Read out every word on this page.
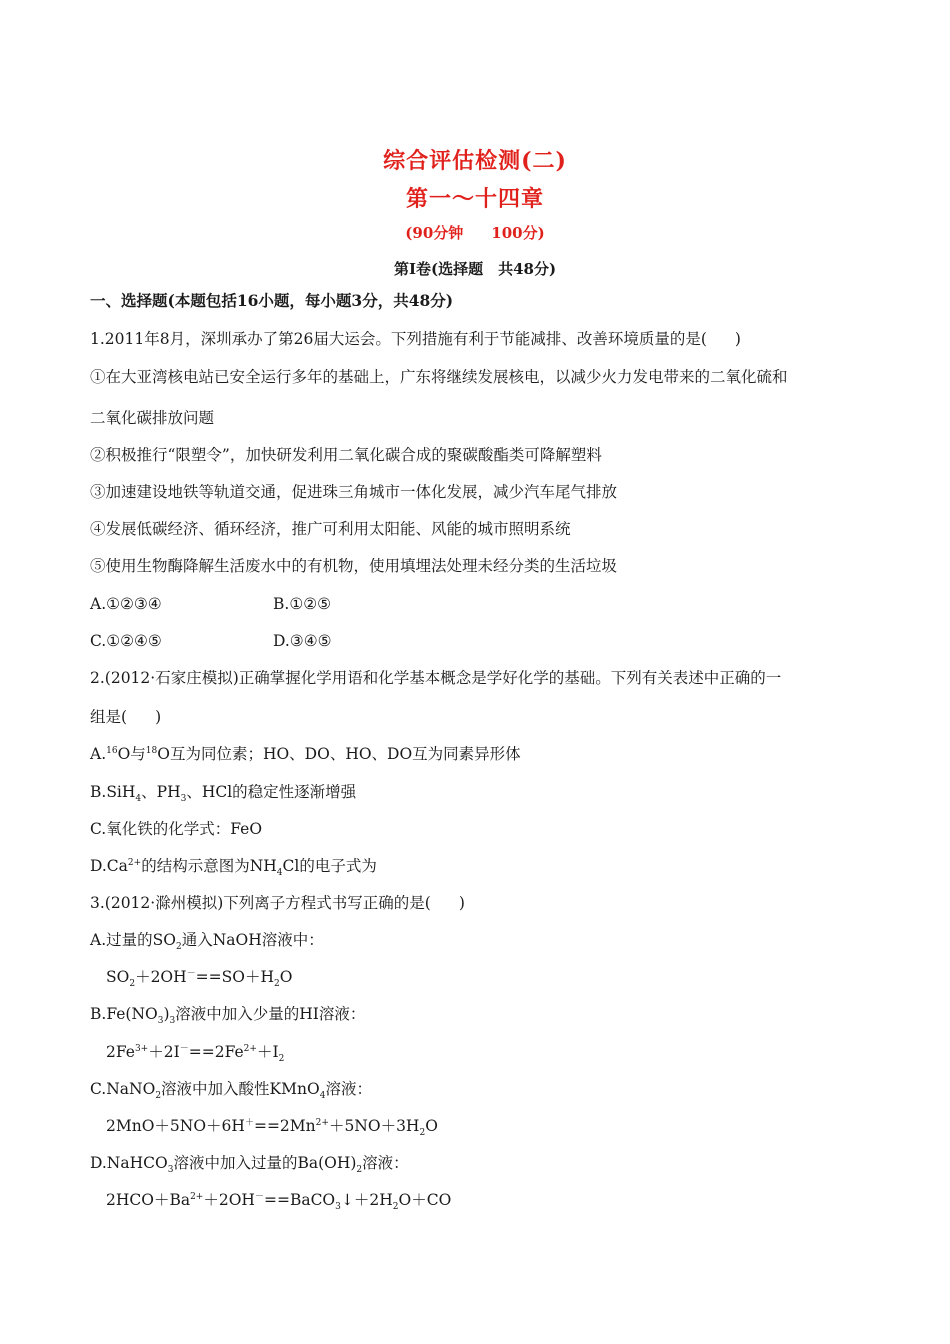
综合评估检测(二)
第一～十四章
(90分钟 100分)
第Ⅰ卷(选择题　共48分)
一、选择题(本题包括16小题，每小题3分，共48分)
1.2011年8月，深圳承办了第26届大运会。下列措施有利于节能减排、改善环境质量的是( )
①在大亚湾核电站已安全运行多年的基础上，广东将继续发展核电，以减少火力发电带来的二氧化硫和
二氧化碳排放问题
②积极推行“限塑令”，加快研发利用二氧化碳合成的聚碳酸酯类可降解塑料
③加速建设地铁等轨道交通，促进珠三角城市一体化发展，减少汽车尾气排放
④发展低碳经济、循环经济，推广可利用太阳能、风能的城市照明系统
⑤使用生物酶降解生活废水中的有机物，使用填埋法处理未经分类的生活垃圾
A.①②③④	B.①②⑤
C.①②④⑤	D.③④⑤
2.(2012·石家庄模拟)正确掌握化学用语和化学基本概念是学好化学的基础。下列有关表述中正确的一
组是( )
A.$^{16}$O与$^{18}$O互为同位素；HO、DO、HO、DO互为同素异形体
B.SiH$_4$、$PH_3$、HCl的稳定性逐渐增强
C.氧化铁的化学式：FeO
$D.Ca^{2+}$的结构示意图为$NH_4Cl$的电子式为
3.(2012·滁州模拟)下列离子方程式书写正确的是( )
A.过量的$SO_2$通入NaOH溶液中：
$SO_2+2OH^-==SO+H_2O$
$B.Fe(NO_3)_3$溶液中加入少量的HI溶液：
$2Fe^{3+}+2I^-==2Fe^{2+}+I_2$
C.NaNO$_2$溶液中加入酸性KMnO$_4$溶液：
$2MnO+5NO+6H^+==2Mn^{2+}+5NO+3H_2O$
D.NaHCO$_3$溶液中加入过量的$Ba(OH)_2$溶液：
$2HCO+Ba^{2+}+2OH^-==BaCO_3↓+2H_2O+CO$
